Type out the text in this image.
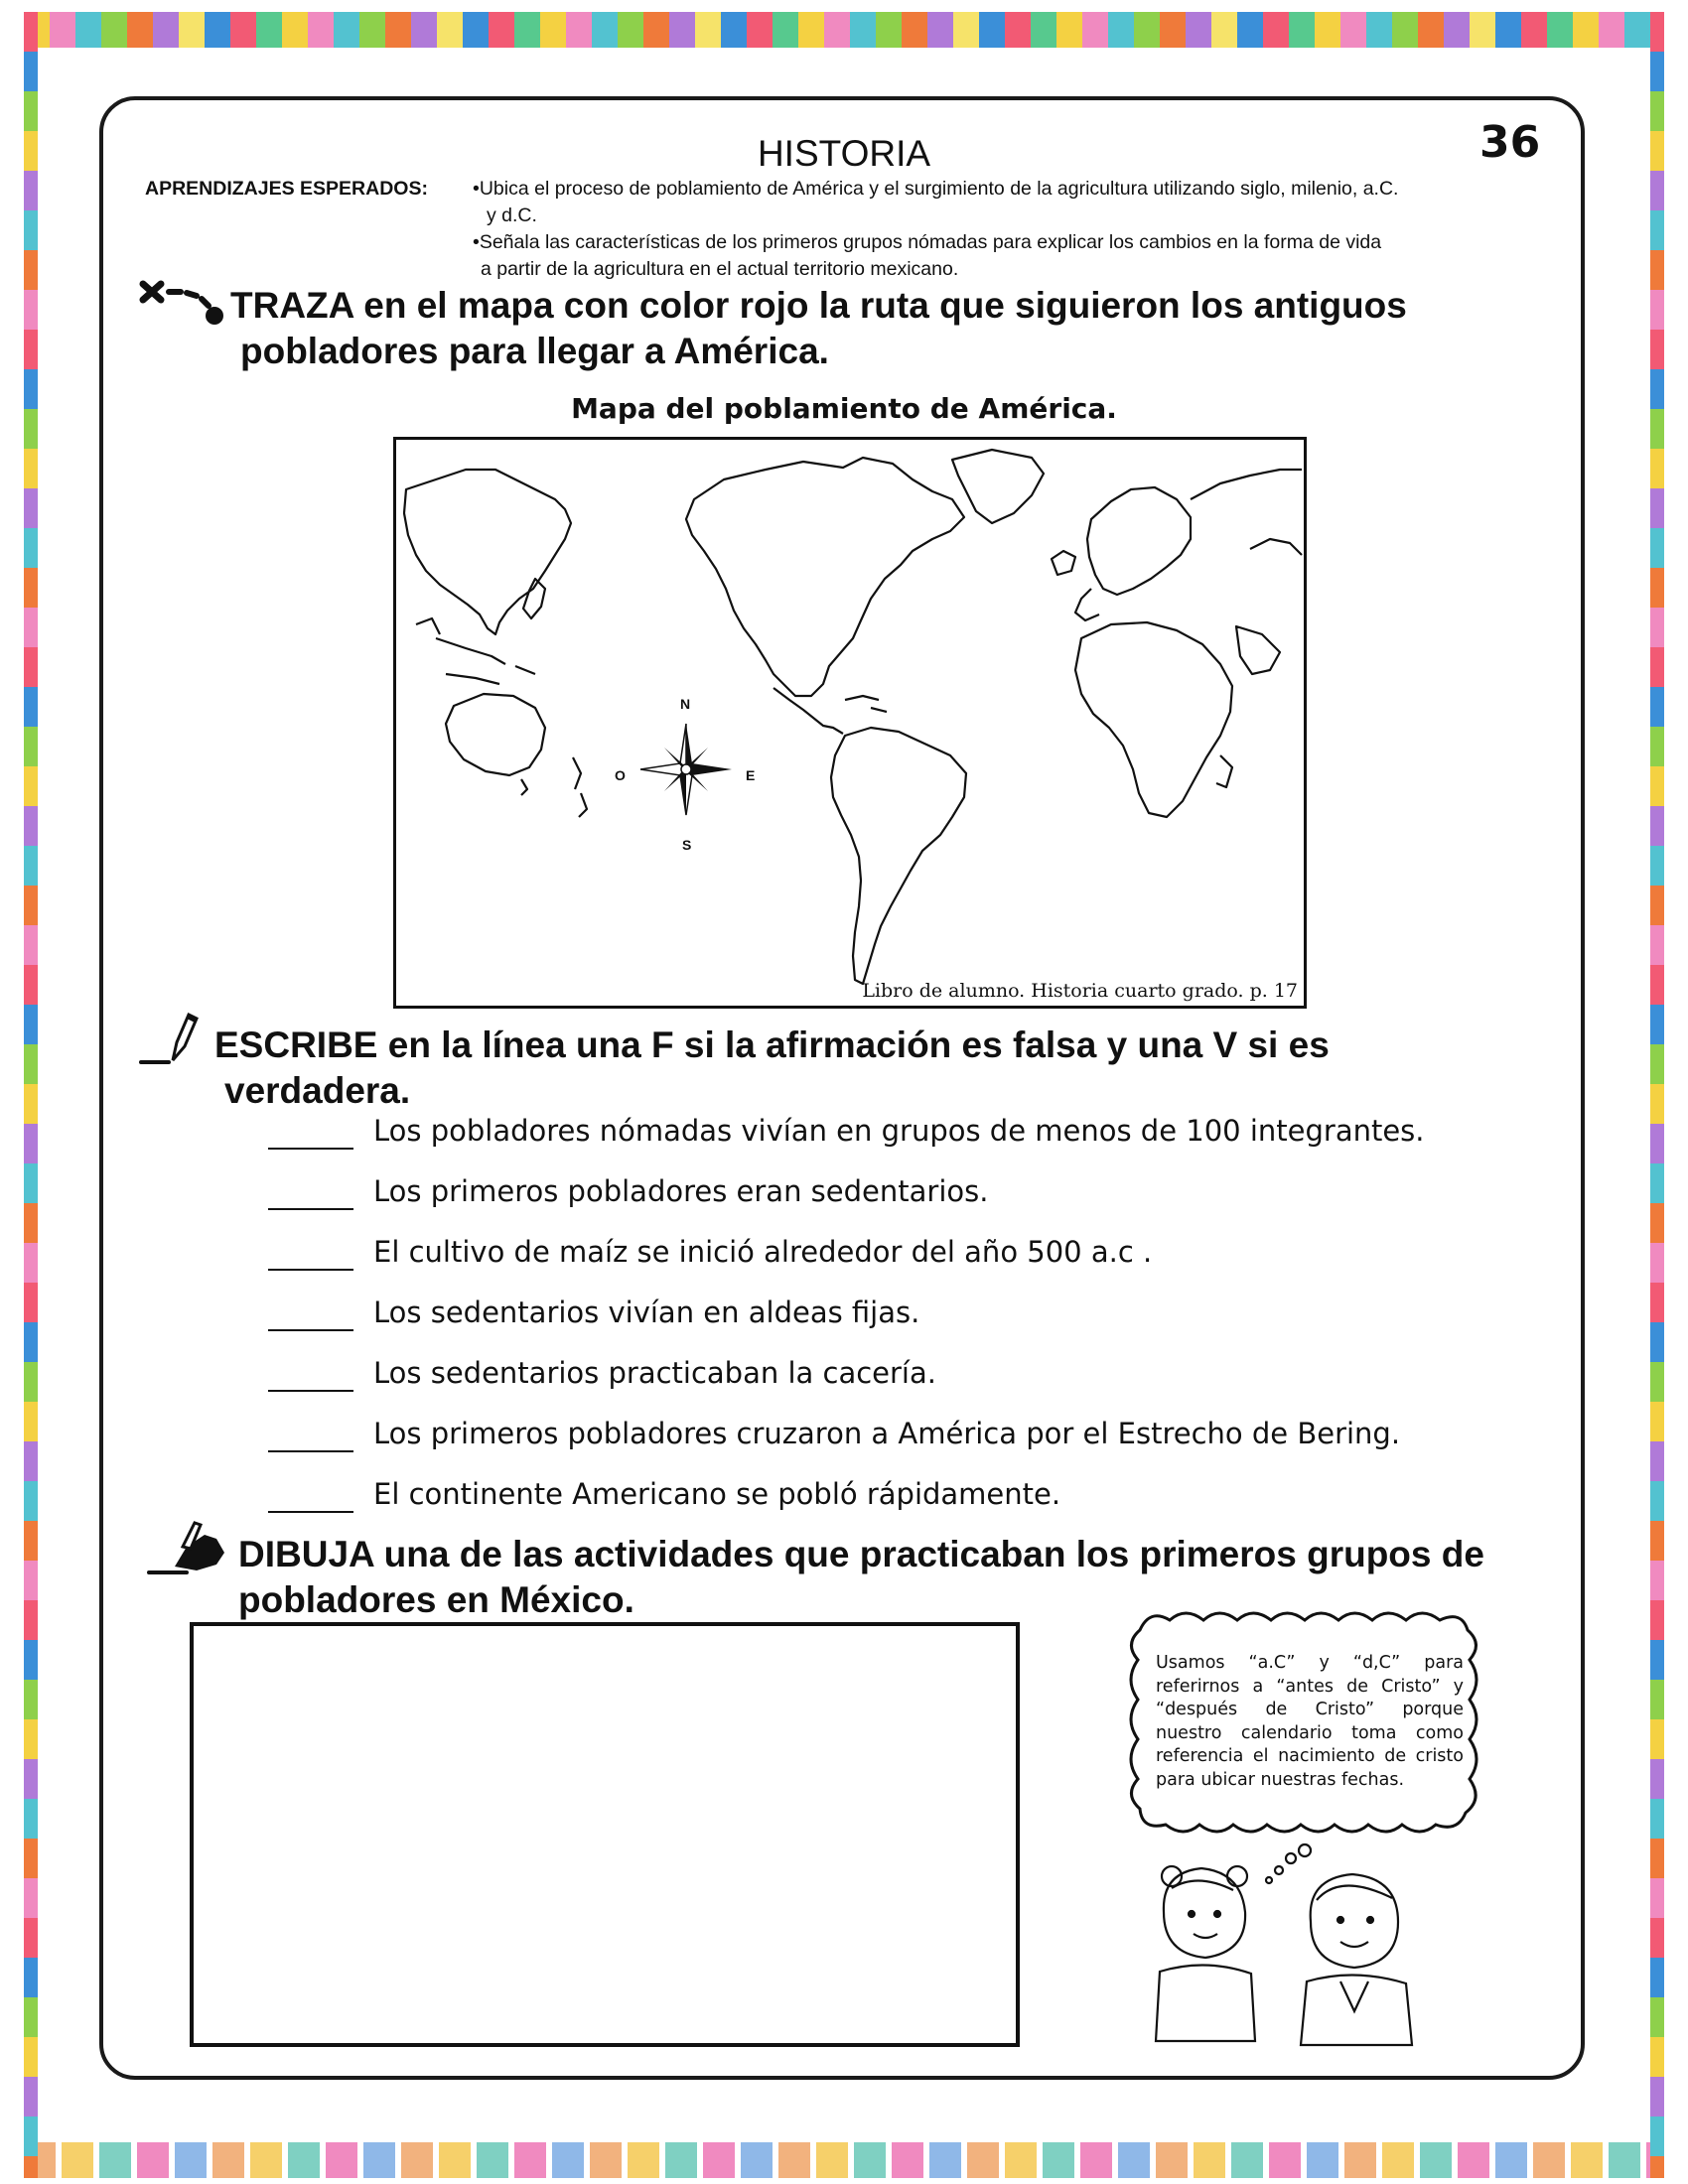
36
HISTORIA
APRENDIZAJES ESPERADOS: •Ubica el proceso de poblamiento de América y el surgimiento de la agricultura utilizando siglo, milenio, a.C.
y d.C.
•Señala las características de los primeros grupos nómadas para explicar los cambios en la forma de vida
a partir de la agricultura en el actual territorio mexicano.
TRAZA en el mapa con color rojo la ruta que siguieron los antiguos
pobladores para llegar a América.
Mapa del poblamiento de América.
N
S
E
O
Libro de alumno. Historia cuarto grado. p. 17
ESCRIBE en la línea una F si la afirmación es falsa y una V si es
verdadera.
Los pobladores nómadas vivían en grupos de menos de 100 integrantes.
Los primeros pobladores eran sedentarios.
El cultivo de maíz se inició alrededor del año 500 a.c .
Los sedentarios vivían en aldeas fijas.
Los sedentarios practicaban la cacería.
Los primeros pobladores cruzaron a América por el Estrecho de Bering.
El continente Americano se pobló rápidamente.
DIBUJA una de las actividades que practicaban los primeros grupos de
pobladores en México.
Usamos “a.C” y “d,C” para referirnos a “antes de Cristo” y “después de Cristo” porque nuestro calendario toma como referencia el nacimiento de cristo para ubicar nuestras fechas.
